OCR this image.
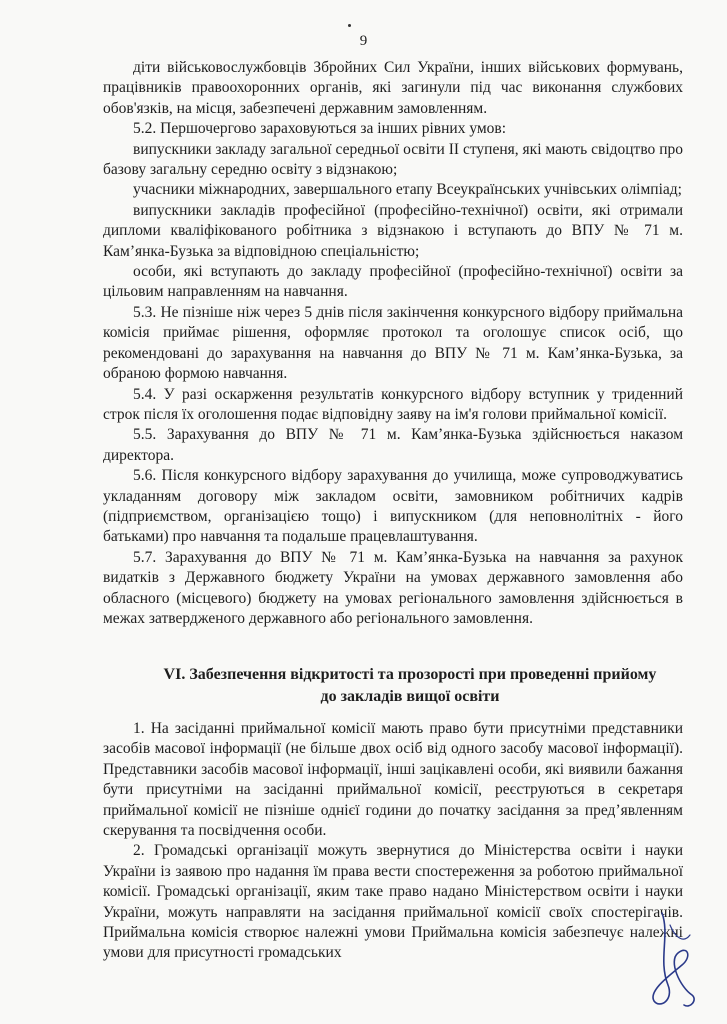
9

діти військовослужбовців Збройних Сил України, інших військових формувань, працівників правоохоронних органів, які загинули під час виконання службових обов'язків, на місця, забезпечені державним замовленням.

5.2. Першочергово зараховуються за інших рівних умов:

випускники закладу загальної середньої освіти ІІ ступеня, які мають свідоцтво про базову загальну середню освіту з відзнакою;

учасники міжнародних, завершального етапу Всеукраїнських учнівських олімпіад;

випускники закладів професійної (професійно-технічної) освіти, які отримали дипломи кваліфікованого робітника з відзнакою і вступають до ВПУ № 71 м. Кам’янка-Бузька за відповідною спеціальністю;

особи, які вступають до закладу професійної (професійно-технічної) освіти за цільовим направленням на навчання.

5.3. Не пізніше ніж через 5 днів після закінчення конкурсного відбору приймальна комісія приймає рішення, оформляє протокол та оголошує список осіб, що рекомендовані до зарахування на навчання до ВПУ № 71 м. Кам’янка-Бузька, за обраною формою навчання.

5.4. У разі оскарження результатів конкурсного відбору вступник у триденний строк після їх оголошення подає відповідну заяву на ім'я голови приймальної комісії.

5.5. Зарахування до ВПУ № 71 м. Кам’янка-Бузька здійснюється наказом директора.

5.6. Після конкурсного відбору зарахування до училища, може супроводжуватись укладанням договору між закладом освіти, замовником робітничих кадрів (підприємством, організацією тощо) і випускником (для неповнолітніх - його батьками) про навчання та подальше працевлаштування.

5.7. Зарахування до ВПУ № 71 м. Кам’янка-Бузька на навчання за рахунок видатків з Державного бюджету України на умовах державного замовлення або обласного (місцевого) бюджету на умовах регіонального замовлення здійснюється в межах затвердженого державного або регіонального замовлення.

VI. Забезпечення відкритості та прозорості при проведенні прийому
до закладів вищої освіти

1. На засіданні приймальної комісії мають право бути присутніми представники засобів масової інформації (не більше двох осіб від одного засобу масової інформації). Представники засобів масової інформації, інші зацікавлені особи, які виявили бажання бути присутніми на засіданні приймальної комісії, реєструються в секретаря приймальної комісії не пізніше однієї години до початку засідання за пред’явленням скерування та посвідчення особи.

2. Громадські організації можуть звернутися до Міністерства освіти і науки України із заявою про надання їм права вести спостереження за роботою приймальної комісії. Громадські організації, яким таке право надано Міністерством освіти і науки України, можуть направляти на засідання приймальної комісії своїх спостерігачів. Приймальна комісія створює належні умови Приймальна комісія забезпечує належні умови для присутності громадських
